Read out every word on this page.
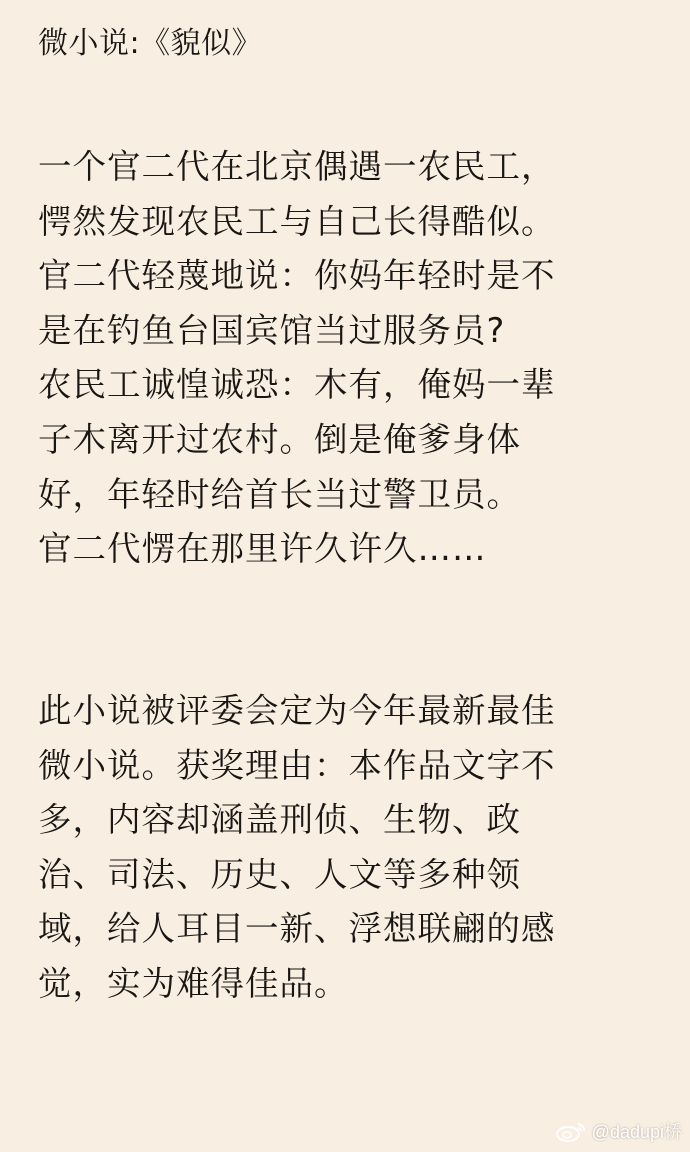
微小说:《貌似》
一个官二代在北京偶遇一农民工，
愕然发现农民工与自己长得酷似。
官二代轻蔑地说：你妈年轻时是不
是在钓鱼台国宾馆当过服务员?
农民工诚惶诚恐：木有，俺妈一辈
子木离开过农村。倒是俺爹身体
好，年轻时给首长当过警卫员。
官二代愣在那里许久许久……
此小说被评委会定为今年最新最佳
微小说。获奖理由：本作品文字不
多，内容却涵盖刑侦、生物、政
治、司法、历史、人文等多种领
域，给人耳目一新、浮想联翩的感
觉，实为难得佳品。
@dadupi桥
